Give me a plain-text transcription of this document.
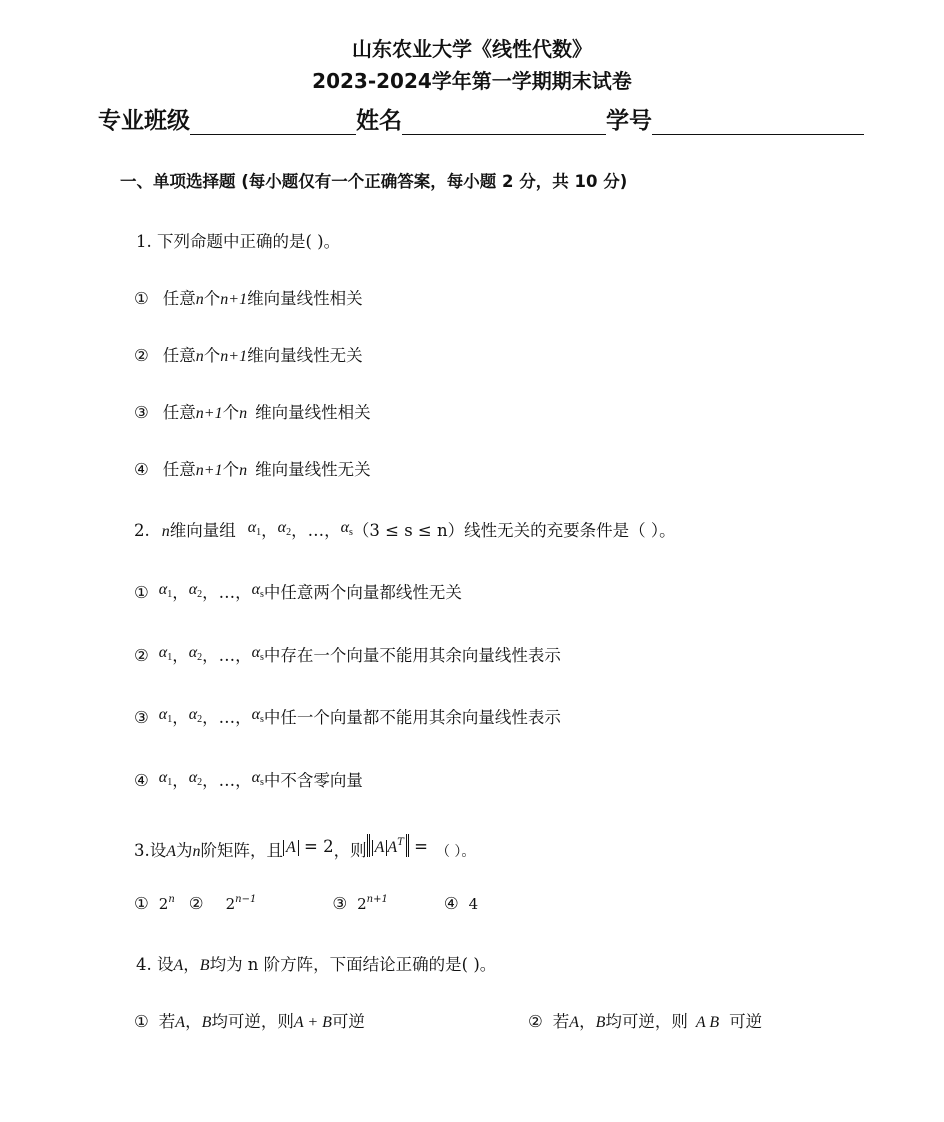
山东农业大学《线性代数》
2023-2024学年第一学期期末试卷
专业班级	姓名	学号
一、单项选择题 (每小题仅有一个正确答案，每小题 2 分，共 10 分)
1. 下列命题中正确的是( )。
① 任意n个n+1维向量线性相关
② 任意n个n+1维向量线性无关
③ 任意n+1个n 维向量线性相关
④ 任意n+1个n 维向量线性无关
2. n维向量组 $\alpha_1$，$\alpha_2$，…，$\alpha_s(3 \le s \le n)$线性无关的充要条件是（ ）。
① $\alpha_1$，$\alpha_2$，…，$\alpha_s$中任意两个向量都线性无关
② $\alpha_1$，$\alpha_2$，…，$\alpha_s$中存在一个向量不能用其余向量线性表示
③ $\alpha_1$，$\alpha_2$，…，$\alpha_s$中任一个向量都不能用其余向量线性表示
④ $\alpha_1$，$\alpha_2$，…，$\alpha_s$中不含零向量
3.设A为n阶矩阵，且 A = 2，则 A $A^T$ = （ ）。
① 2$^n$ ② $2^{n-1}$	③ $2^{n+1}$	④ 4
4. 设A，B均为 n 阶方阵，下面结论正确的是( )。
① 若A，B均可逆，则A + B可逆	② 若A，B均可逆，则 A B 可逆
